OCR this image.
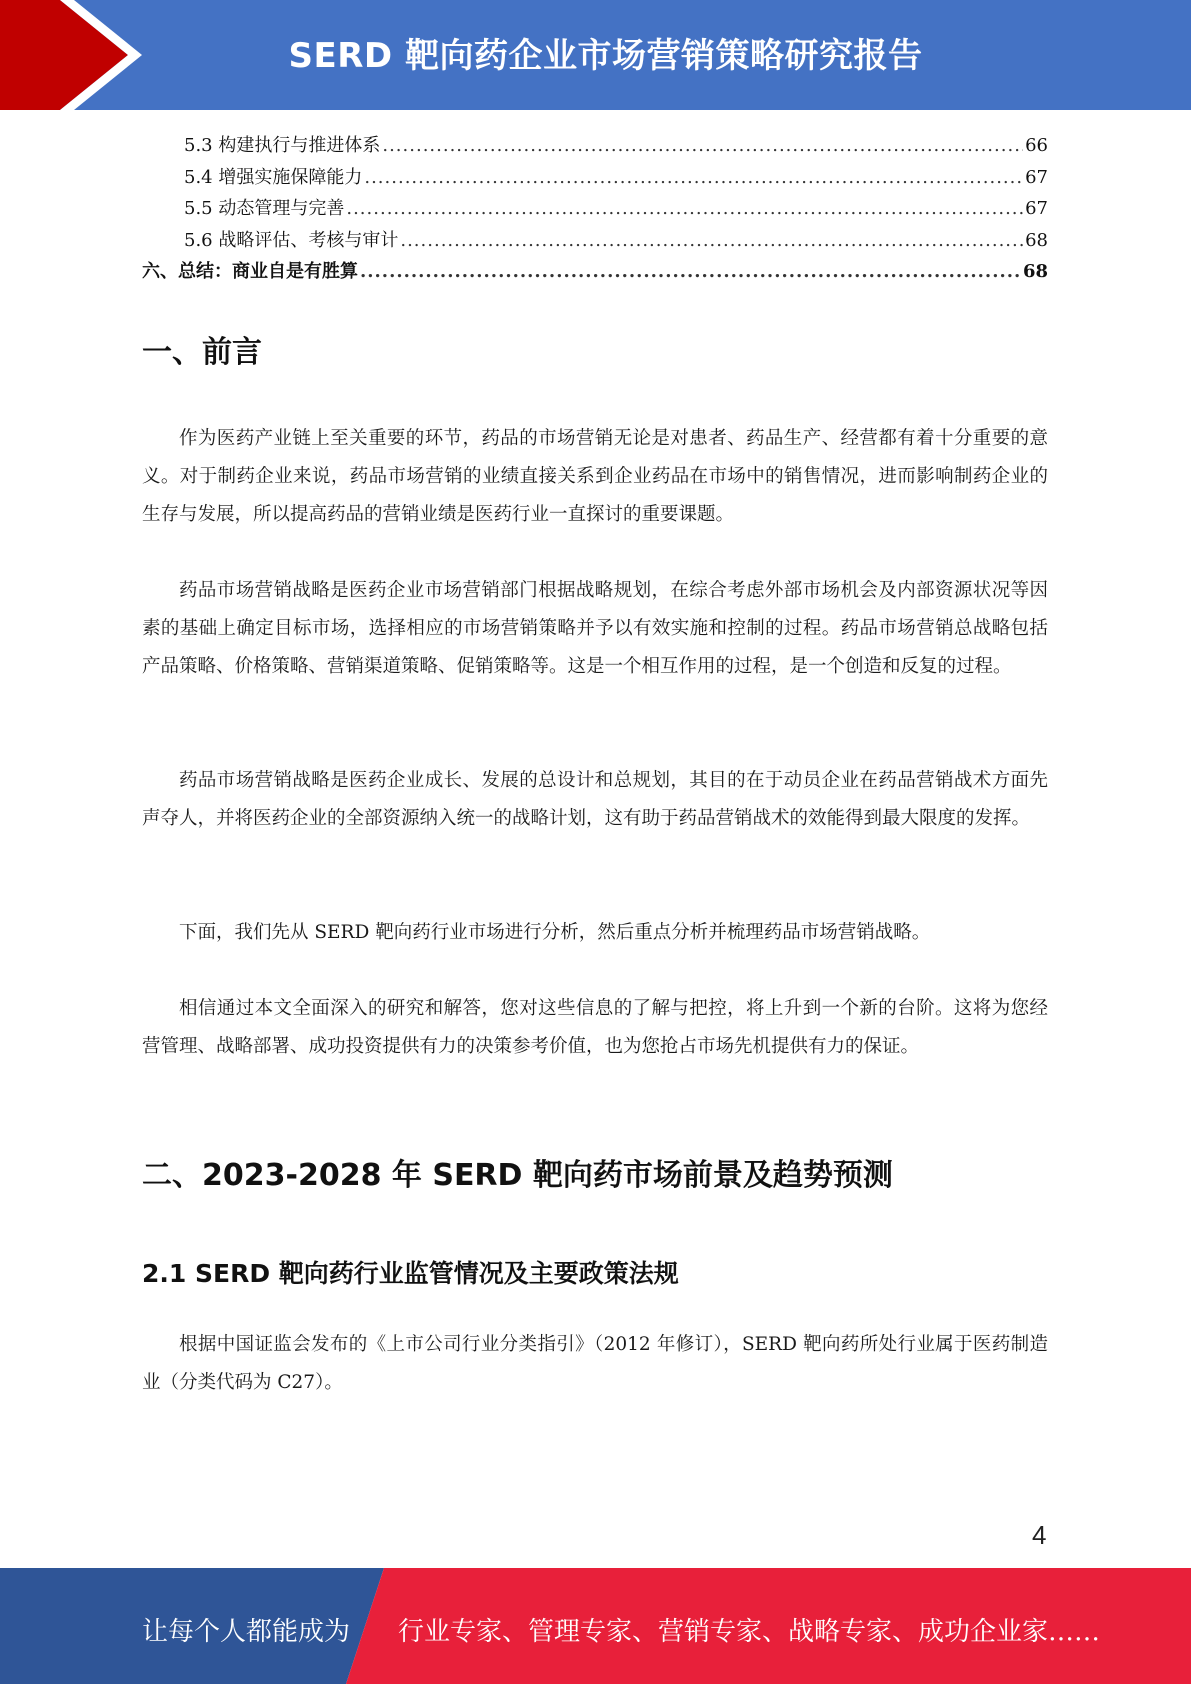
SERD 靶向药企业市场营销策略研究报告
5.3 构建执行与推进体系 .....	66
5.4 增强实施保障能力 .....	67
5.5 动态管理与完善 .....	67
5.6 战略评估、考核与审计 .....	68
六、总结：商业自是有胜算 .....	68
一、前言

作为医药产业链上至关重要的环节，药品的市场营销无论是对患者、药品生产、经营都有着十分重要的意义。对于制药企业来说，药品市场营销的业绩直接关系到企业药品在市场中的销售情况，进而影响制药企业的生存与发展，所以提高药品的营销业绩是医药行业一直探讨的重要课题。

药品市场营销战略是医药企业市场营销部门根据战略规划，在综合考虑外部市场机会及内部资源状况等因素的基础上确定目标市场，选择相应的市场营销策略并予以有效实施和控制的过程。药品市场营销总战略包括产品策略、价格策略、营销渠道策略、促销策略等。这是一个相互作用的过程，是一个创造和反复的过程。

药品市场营销战略是医药企业成长、发展的总设计和总规划，其目的在于动员企业在药品营销战术方面先声夺人，并将医药企业的全部资源纳入统一的战略计划，这有助于药品营销战术的效能得到最大限度的发挥。

下面，我们先从 SERD 靶向药行业市场进行分析，然后重点分析并梳理药品市场营销战略。

相信通过本文全面深入的研究和解答，您对这些信息的了解与把控，将上升到一个新的台阶。这将为您经营管理、战略部署、成功投资提供有力的决策参考价值，也为您抢占市场先机提供有力的保证。

二、2023-2028 年 SERD 靶向药市场前景及趋势预测
2.1 SERD 靶向药行业监管情况及主要政策法规

根据中国证监会发布的《上市公司行业分类指引》（2012 年修订），SERD 靶向药所处行业属于医药制造业（分类代码为 C27）。

4
让每个人都能成为 行业专家、管理专家、营销专家、战略专家、成功企业家……
